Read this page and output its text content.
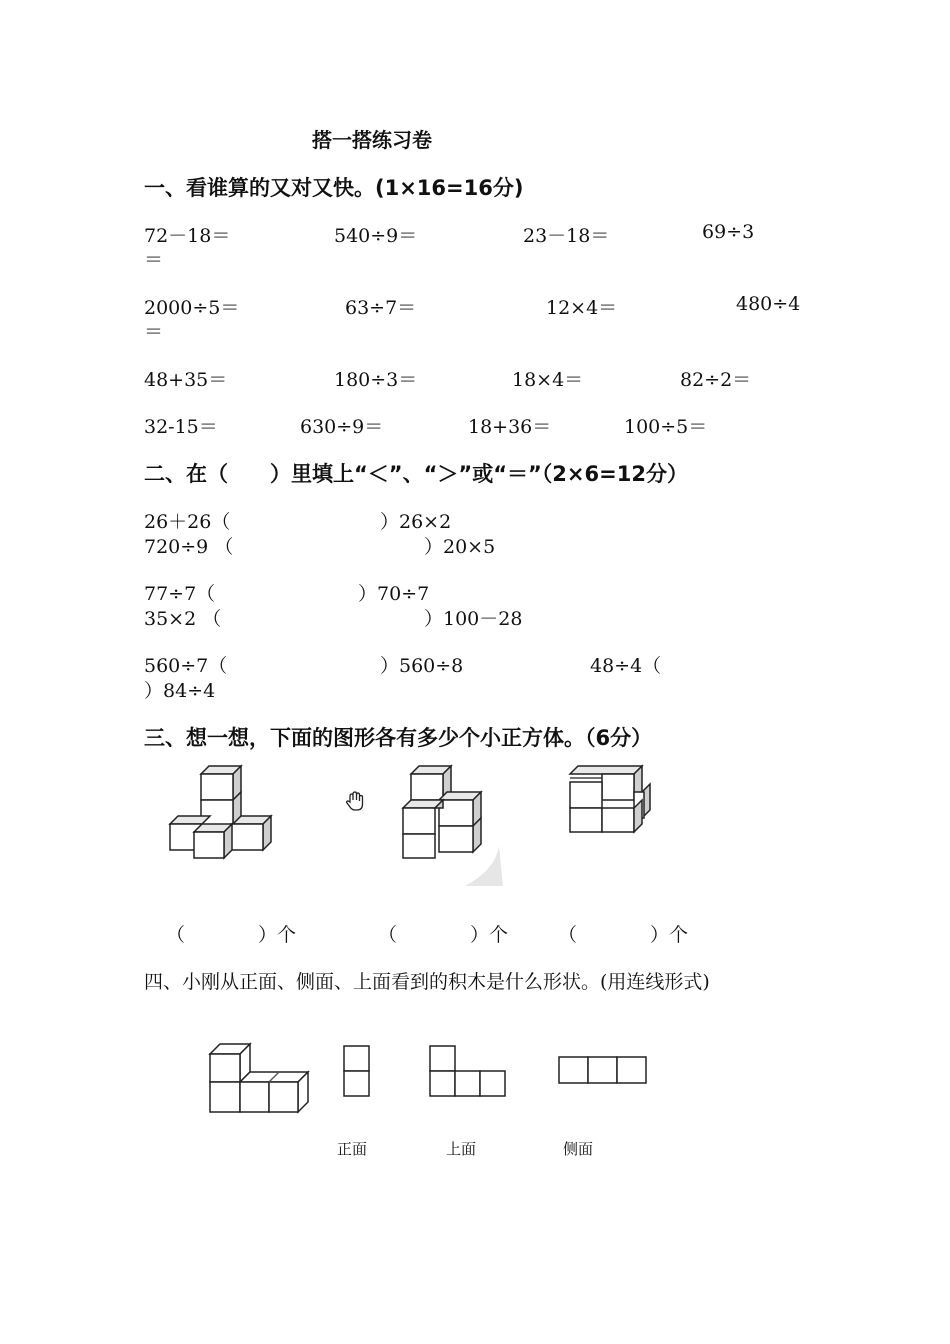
搭一搭练习卷
一、看谁算的又对又快。(1×16=16分)
72－18＝	540÷9＝	23－18＝	69÷3
＝
2000÷5＝	63÷7＝	12×4＝	480÷4
＝
48+35＝	180÷3＝	18×4＝	82÷2＝
32-15＝	630÷9＝	18+36＝	100÷5＝
二、在（　　）里填上“＜”、“＞”或“＝”（2×6=12分）
26＋26（	）26×2
720÷9 （	）20×5
77÷7（	）70÷7
35×2 （	）100－28
560÷7（	）560÷8	48÷4（
）84÷4
三、想一想，下面的图形各有多少个小正方体。（6分）
（	）个	（	）个	（	）个
四、小刚从正面、侧面、上面看到的积木是什么形状。(用连线形式)
正面	上面	侧面
